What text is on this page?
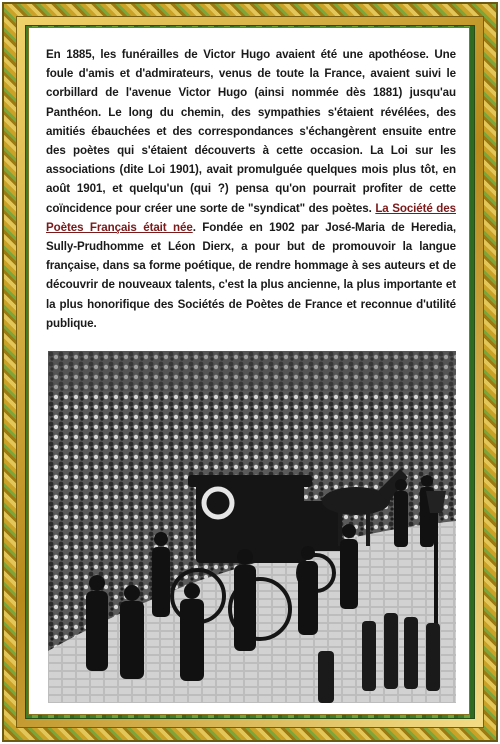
En 1885, les funérailles de Victor Hugo avaient été une apothéose. Une foule d'amis et d'admirateurs, venus de toute la France, avaient suivi le corbillard de l'avenue Victor Hugo (ainsi nommée dès 1881) jusqu'au Panthéon. Le long du chemin, des sympathies s'étaient révélées, des amitiés ébauchées et des correspondances s'échangèrent ensuite entre des poètes qui s'étaient découverts à cette occasion. La Loi sur les associations (dite Loi 1901), avait promulguée quelques mois plus tôt, en août 1901, et quelqu'un (qui ?) pensa qu'on pourrait profiter de cette coïncidence pour créer une sorte de "syndicat" des poètes. La Société des Poètes Français était née. Fondée en 1902 par José-Maria de Heredia, Sully-Prudhomme et Léon Dierx, a pour but de promouvoir la langue française, dans sa forme poétique, de rendre hommage à ses auteurs et de découvrir de nouveaux talents, c'est la plus ancienne, la plus importante et la plus honorifique des Sociétés de Poètes de France et reconnue d'utilité publique.
